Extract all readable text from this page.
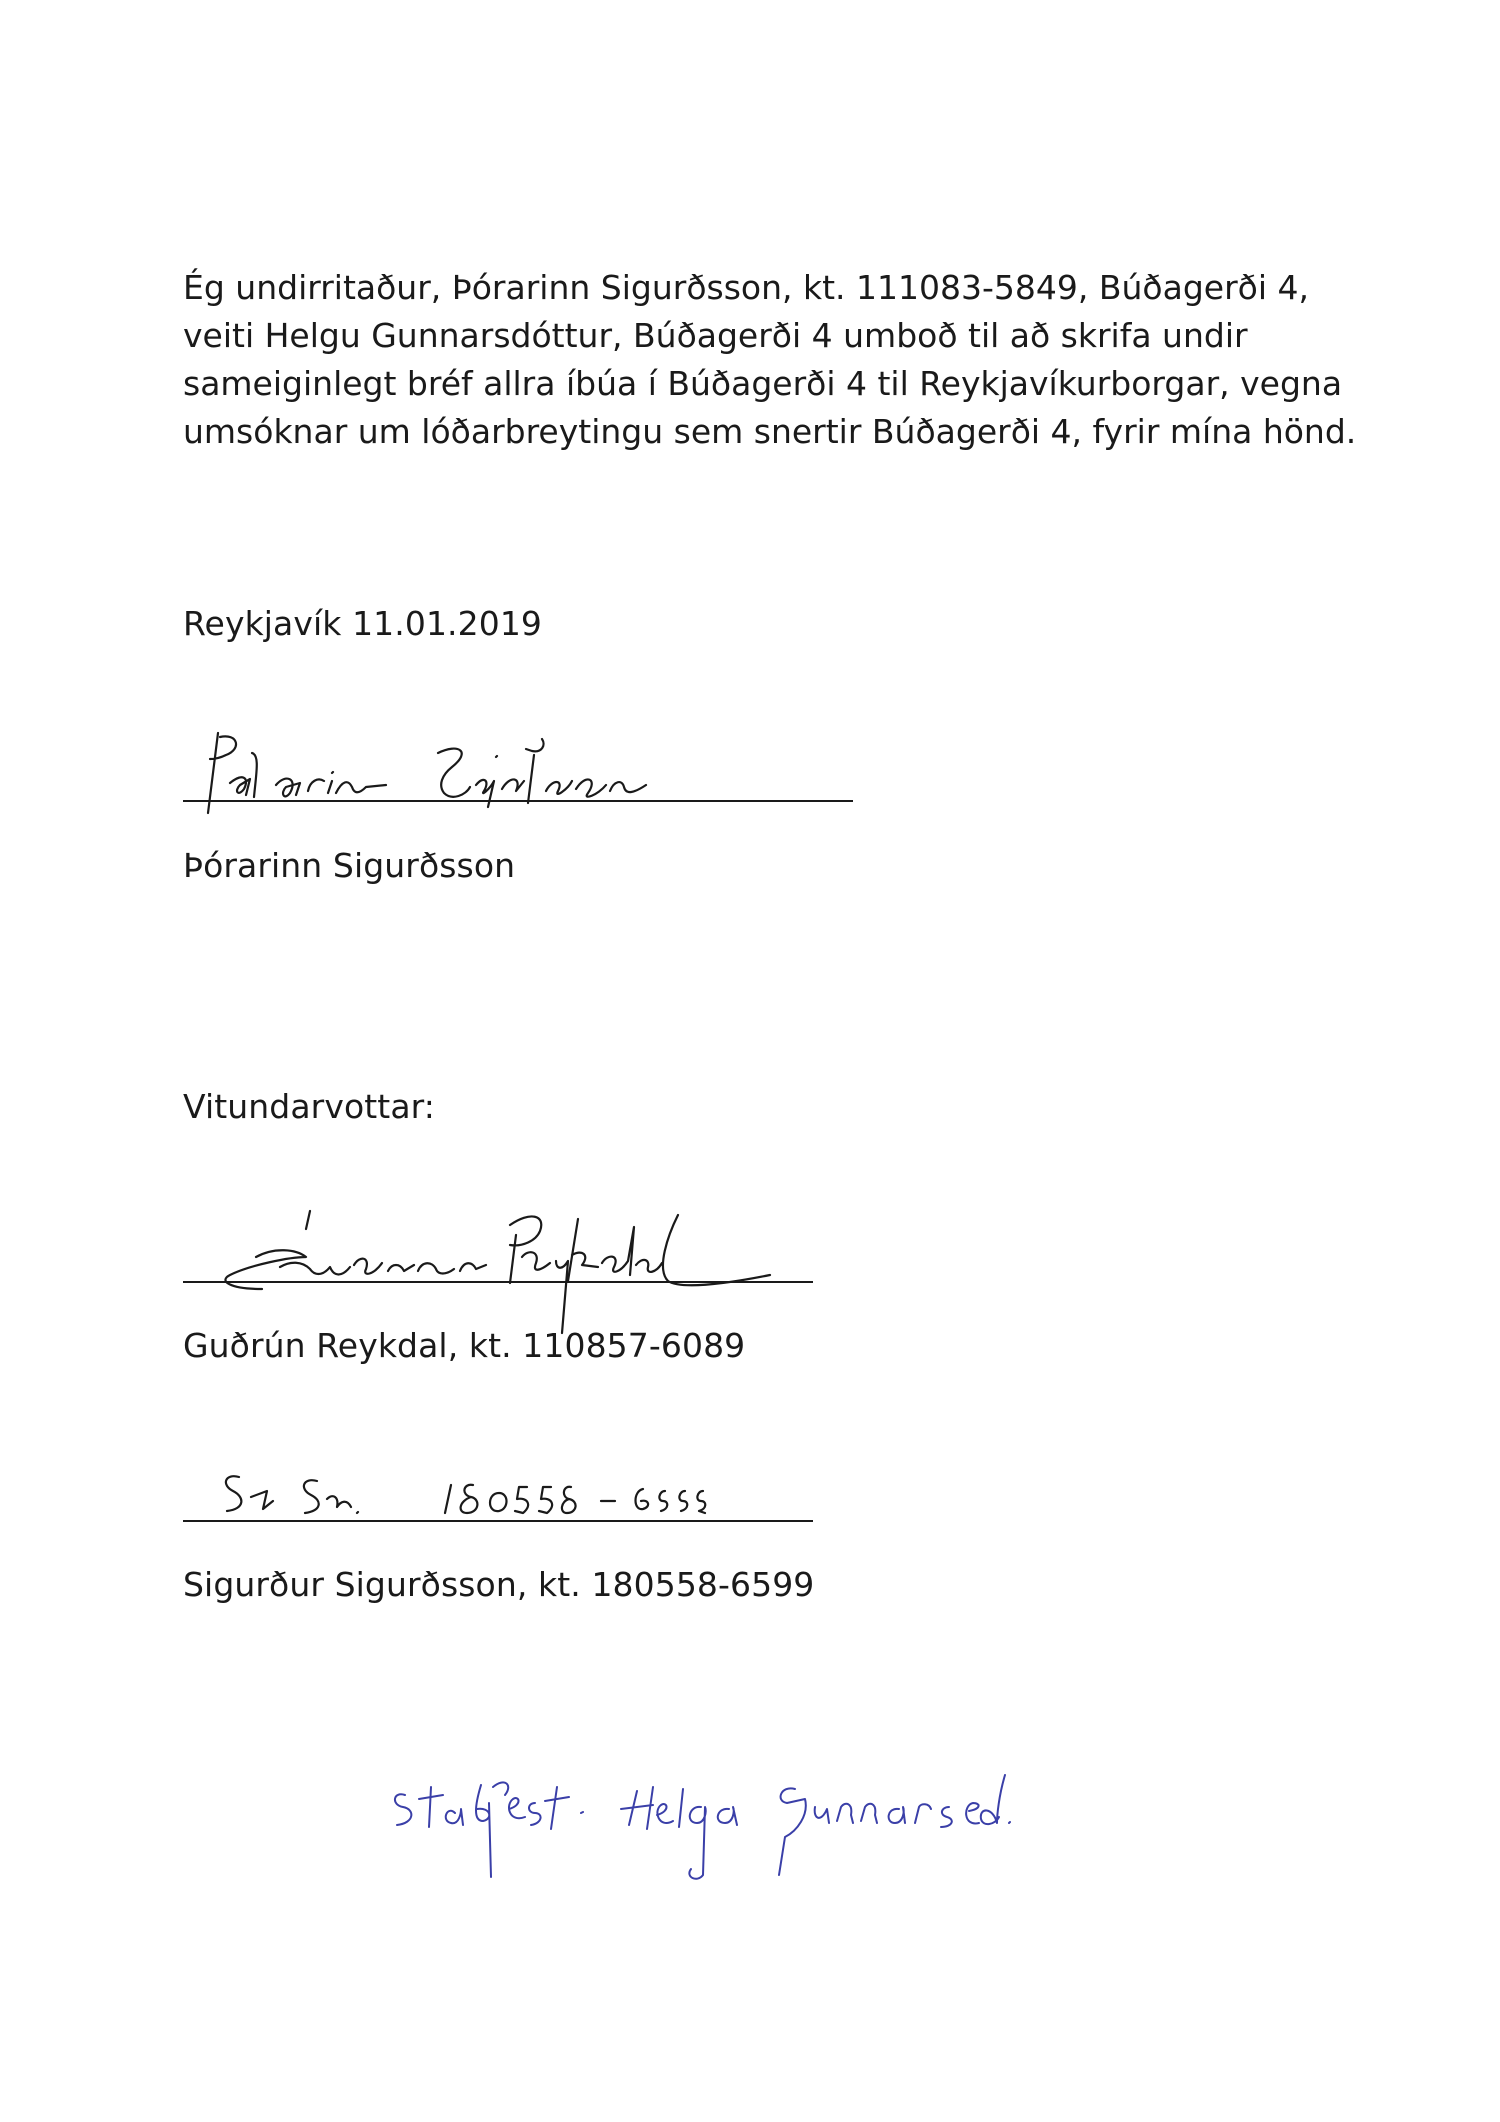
Ég undirritaður, Þórarinn Sigurðsson, kt. 111083-5849, Búðagerði 4,
veiti Helgu Gunnarsdóttur, Búðagerði 4 umboð til að skrifa undir
sameiginlegt bréf allra íbúa í Búðagerði 4 til Reykjavíkurborgar, vegna
umsóknar um lóðarbreytingu sem snertir Búðagerði 4, fyrir mína hönd.
Reykjavík 11.01.2019
Þórarinn Sigurðsson
Vitundarvottar:
Guðrún Reykdal, kt. 110857-6089
Sigurður Sigurðsson, kt. 180558-6599
